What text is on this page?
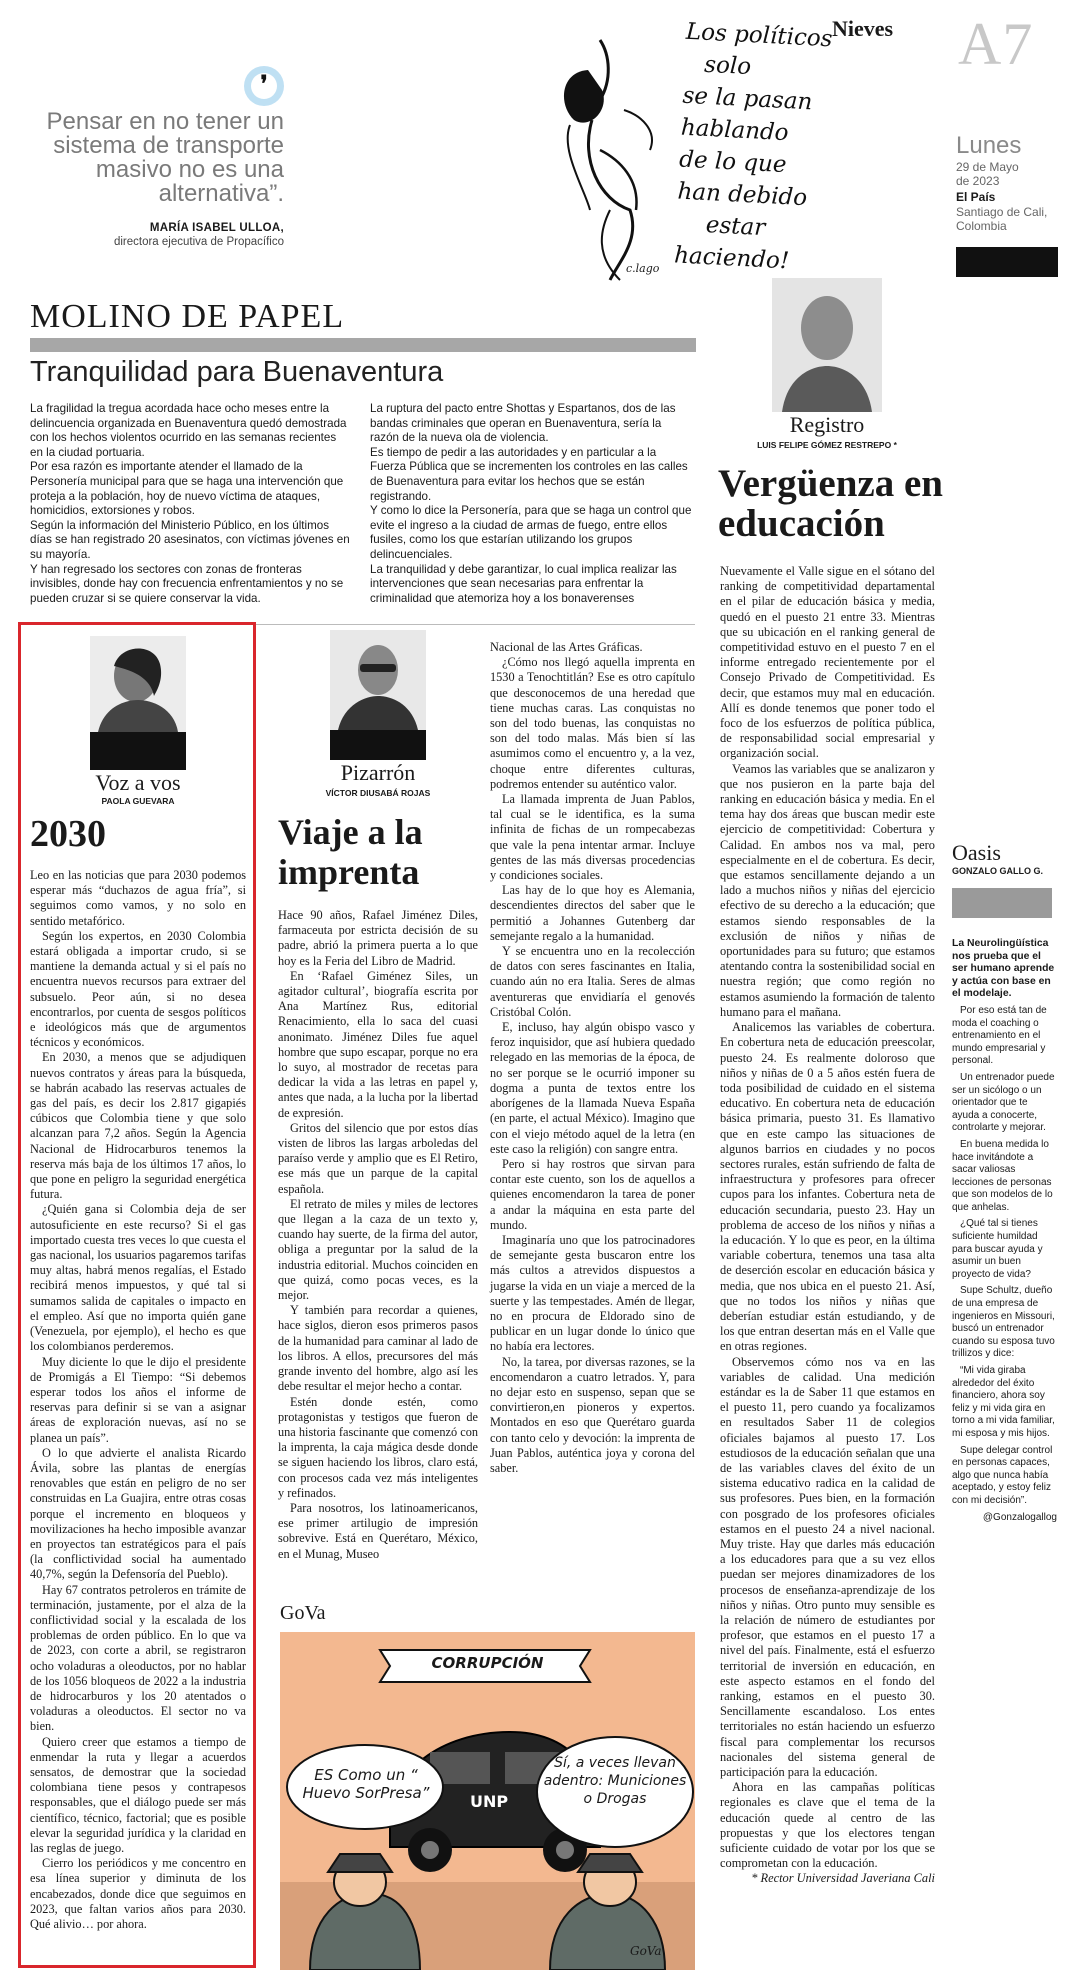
❜
Pensar en no tener un sistema de transporte masivo no es una alternativa”.
MARÍA ISABEL ULLOA,
directora ejecutiva de Propacífico
Los políticos
solo
se la pasan
hablando
de lo que
han debido
estar
haciendo!
c.lago
Nieves A7
Lunes
29 de Mayo
de 2023
El País
Santiago de Cali,
Colombia
MOLINO DE PAPEL
Tranquilidad para Buenaventura

La fragilidad la tregua acordada hace ocho meses entre la delincuencia organizada en Buenaventura quedó demostrada con los hechos violentos ocurrido en las semanas recientes en la ciudad portuaria.

Por esa razón es importante atender el llamado de la Personería municipal para que se haga una intervención que proteja a la población, hoy de nuevo víctima de ataques, homicidios, extorsiones y robos.

Según la información del Ministerio Público, en los últimos días se han registrado 20 asesinatos, con víctimas jóvenes en su mayoría.

Y han regresado los sectores con zonas de fronteras invisibles, donde hay con frecuencia enfrentamientos y no se pueden cruzar si se quiere conservar la vida.

La ruptura del pacto entre Shottas y Espartanos, dos de las bandas criminales que operan en Buenaventura, sería la razón de la nueva ola de violencia.

Es tiempo de pedir a las autoridades y en particular a la Fuerza Pública que se incrementen los controles en las calles de Buenaventura para evitar los hechos que se están registrando.

Y como lo dice la Personería, para que se haga un control que evite el ingreso a la ciudad de armas de fuego, entre ellos fusiles, como los que estarían utilizando los grupos delincuenciales.

La tranquilidad y debe garantizar, lo cual implica realizar las intervenciones que sean necesarias para enfrentar la criminalidad que atemoriza hoy a los bonaverenses

Registro
LUIS FELIPE GÓMEZ RESTREPO *
Vergüenza en educación

Nuevamente el Valle sigue en el sótano del ranking de competitividad departamental en el pilar de educación básica y media, quedó en el puesto 21 entre 33. Mientras que su ubicación en el ranking general de competitividad estuvo en el puesto 7 en el informe entregado recientemente por el Consejo Privado de Competitividad. Es decir, que estamos muy mal en educación. Allí es donde tenemos que poner todo el foco de los esfuerzos de política pública, de responsabilidad social empresarial y organización social.

Veamos las variables que se analizaron y que nos pusieron en la parte baja del ranking en educación básica y media. En el tema hay dos áreas que buscan medir este ejercicio de competitividad: Cobertura y Calidad. En ambos nos va mal, pero especialmente en el de cobertura. Es decir, que estamos sencillamente dejando a un lado a muchos niños y niñas del ejercicio efectivo de su derecho a la educación; que estamos siendo responsables de la exclusión de niños y niñas de oportunidades para su futuro; que estamos atentando contra la sostenibilidad social en nuestra región; que como región no estamos asumiendo la formación de talento humano para el mañana.

Analicemos las variables de cobertura. En cobertura neta de educación preescolar, puesto 24. Es realmente doloroso que niños y niñas de 0 a 5 años estén fuera de toda posibilidad de cuidado en el sistema educativo. En cobertura neta de educación básica primaria, puesto 31. Es llamativo que en este campo las situaciones de algunos barrios en ciudades y no pocos sectores rurales, están sufriendo de falta de infraestructura y profesores para ofrecer cupos para los infantes. Cobertura neta de educación secundaria, puesto 23. Hay un problema de acceso de los niños y niñas a la educación. Y lo que es peor, en la última variable cobertura, tenemos una tasa alta de deserción escolar en educación básica y media, que nos ubica en el puesto 21. Así, que no todos los niños y niñas que deberían estudiar están estudiando, y de los que entran desertan más en el Valle que en otras regiones.

Observemos cómo nos va en las variables de calidad. Una medición estándar es la de Saber 11 que estamos en el puesto 11, pero cuando ya focalizamos en resultados Saber 11 de colegios oficiales bajamos al puesto 17. Los estudiosos de la educación señalan que una de las variables claves del éxito de un sistema educativo radica en la calidad de sus profesores. Pues bien, en la formación con posgrado de los profesores oficiales estamos en el puesto 24 a nivel nacional. Muy triste. Hay que darles más educación a los educadores para que a su vez ellos puedan ser mejores dinamizadores de los procesos de enseñanza-aprendizaje de los niños y niñas. Otro punto muy sensible es la relación de número de estudiantes por profesor, que estamos en el puesto 17 a nivel del país. Finalmente, está el esfuerzo territorial de inversión en educación, en este aspecto estamos en el fondo del ranking, estamos en el puesto 30. Sencillamente escandaloso. Los entes territoriales no están haciendo un esfuerzo fiscal para complementar los recursos nacionales del sistema general de participación para la educación.

Ahora en las campañas políticas regionales es clave que el tema de la educación quede al centro de las propuestas y que los electores tengan suficiente cuidado de votar por los que se comprometan con la educación.

* Rector Universidad Javeriana Cali

Oasis
GONZALO GALLO G.

La Neurolingüística nos prueba que el ser humano aprende y actúa con base en el modelaje.

Por eso está tan de moda el coaching o entrenamiento en el mundo empresarial y personal.

Un entrenador puede ser un sicólogo o un orientador que te ayuda a conocerte, controlarte y mejorar.

En buena medida lo hace invitándote a sacar valiosas lecciones de personas que son modelos de lo que anhelas.

¿Qué tal si tienes suficiente humildad para buscar ayuda y asumir un buen proyecto de vida?

Supe Schultz, dueño de una empresa de ingenieros en Missouri, buscó un entrenador cuando su esposa tuvo trillizos y dice:

“Mi vida giraba alrededor del éxito financiero, ahora soy feliz y mi vida gira en torno a mi vida familiar, mi esposa y mis hijos.

Supe delegar control en personas capaces, algo que nunca había aceptado, y estoy feliz con mi decisión”.

@Gonzalogallog

Voz a vos
PAOLA GUEVARA
2030

Leo en las noticias que para 2030 podemos esperar más “duchazos de agua fría”, si seguimos como vamos, y no solo en sentido metafórico.

Según los expertos, en 2030 Colombia estará obligada a importar crudo, si se mantiene la demanda actual y si el país no encuentra nuevos recursos para extraer del subsuelo. Peor aún, si no desea encontrarlos, por cuenta de sesgos políticos e ideológicos más que de argumentos técnicos y económicos.

En 2030, a menos que se adjudiquen nuevos contratos y áreas para la búsqueda, se habrán acabado las reservas actuales de gas del país, es decir los 2.817 gigapiés cúbicos que Colombia tiene y que solo alcanzan para 7,2 años. Según la Agencia Nacional de Hidrocarburos tenemos la reserva más baja de los últimos 17 años, lo que pone en peligro la seguridad energética futura.

¿Quién gana si Colombia deja de ser autosuficiente en este recurso? Si el gas importado cuesta tres veces lo que cuesta el gas nacional, los usuarios pagaremos tarifas muy altas, habrá menos regalías, el Estado recibirá menos impuestos, y qué tal si sumamos salida de capitales o impacto en el empleo. Así que no importa quién gane (Venezuela, por ejemplo), el hecho es que los colombianos perderemos.

Muy diciente lo que le dijo el presidente de Promigás a El Tiempo: “Si debemos esperar todos los años el informe de reservas para definir si se van a asignar áreas de exploración nuevas, así no se planea un país”.

O lo que advierte el analista Ricardo Ávila, sobre las plantas de energías renovables que están en peligro de no ser construidas en La Guajira, entre otras cosas porque el incremento en bloqueos y movilizaciones ha hecho imposible avanzar en proyectos tan estratégicos para el país (la conflictividad social ha aumentado 40,7%, según la Defensoría del Pueblo).

Hay 67 contratos petroleros en trámite de terminación, justamente, por el alza de la conflictividad social y la escalada de los problemas de orden público. En lo que va de 2023, con corte a abril, se registraron ocho voladuras a oleoductos, por no hablar de los 1056 bloqueos de 2022 a la industria de hidrocarburos y los 20 atentados o voladuras a oleoductos. El sector no va bien.

Quiero creer que estamos a tiempo de enmendar la ruta y llegar a acuerdos sensatos, de demostrar que la sociedad colombiana tiene pesos y contrapesos responsables, que el diálogo puede ser más científico, técnico, factorial; que es posible elevar la seguridad jurídica y la claridad en las reglas de juego.

Cierro los periódicos y me concentro en esa línea superior y diminuta de los encabezados, donde dice que seguimos en 2023, que faltan varios años para 2030. Qué alivio… por ahora.

Pizarrón
VÍCTOR DIUSABÁ ROJAS
Viaje a la imprenta

Hace 90 años, Rafael Jiménez Diles, farmaceuta por estricta decisión de su padre, abrió la primera puerta a lo que hoy es la Feria del Libro de Madrid.

En ‘Rafael Giménez Siles, un agitador cultural’, biografía escrita por Ana Martínez Rus, editorial Renacimiento, ella lo saca del cuasi anonimato. Jiménez Diles fue aquel hombre que supo escapar, porque no era lo suyo, al mostrador de recetas para dedicar la vida a las letras en papel y, antes que nada, a la lucha por la libertad de expresión.

Gritos del silencio que por estos días visten de libros las largas arboledas del paraíso verde y amplio que es El Retiro, ese más que un parque de la capital española.

El retrato de miles y miles de lectores que llegan a la caza de un texto y, cuando hay suerte, de la firma del autor, obliga a preguntar por la salud de la industria editorial. Muchos coinciden en que quizá, como pocas veces, es la mejor.

Y también para recordar a quienes, hace siglos, dieron esos primeros pasos de la humanidad para caminar al lado de los libros. A ellos, precursores del más grande invento del hombre, algo así les debe resultar el mejor hecho a contar.

Estén donde estén, como protagonistas y testigos que fueron de una historia fascinante que comenzó con la imprenta, la caja mágica desde donde se siguen haciendo los libros, claro está, con procesos cada vez más inteligentes y refinados.

Para nosotros, los latinoamericanos, ese primer artilugio de impresión sobrevive. Está en Querétaro, México, en el Munag, Museo

Nacional de las Artes Gráficas.

¿Cómo nos llegó aquella imprenta en 1530 a Tenochtitlán? Ese es otro capítulo que desconocemos de una heredad que tiene muchas caras. Las conquistas no son del todo buenas, las conquistas no son del todo malas. Más bien sí las asumimos como el encuentro y, a la vez, choque entre diferentes culturas, podremos entender su auténtico valor.

La llamada imprenta de Juan Pablos, tal cual se le identifica, es la suma infinita de fichas de un rompecabezas que vale la pena intentar armar. Incluye gentes de las más diversas procedencias y condiciones sociales.

Las hay de lo que hoy es Alemania, descendientes directos del saber que le permitió a Johannes Gutenberg dar semejante regalo a la humanidad.

Y se encuentra uno en la recolección de datos con seres fascinantes en Italia, cuando aún no era Italia. Seres de almas aventureras que envidiaría el genovés Cristóbal Colón.

E, incluso, hay algún obispo vasco y feroz inquisidor, que así hubiera quedado relegado en las memorias de la época, de no ser porque se le ocurrió imponer su dogma a punta de textos entre los aborígenes de la llamada Nueva España (en parte, el actual México). Imagino que con el viejo método aquel de la letra (en este caso la religión) con sangre entra.

Pero si hay rostros que sirvan para contar este cuento, son los de aquellos a quienes encomendaron la tarea de poner a andar la máquina en esta parte del mundo.

Imaginaría uno que los patrocinadores de semejante gesta buscaron entre los más cultos a atrevidos dispuestos a jugarse la vida en un viaje a merced de la suerte y las tempestades. Amén de llegar, no en procura de Eldorado sino de publicar en un lugar donde lo único que no había era lectores.

No, la tarea, por diversas razones, se la encomendaron a cuatro letrados. Y, para no dejar esto en suspenso, sepan que se convirtieron,en pioneros y expertos. Montados en eso que Querétaro guarda con tanto celo y devoción: la imprenta de Juan Pablos, auténtica joya y corona del saber.

GoVa
CORRUPCIÓN
UNP
ES Como un “ Huevo SorPresa”
Sí, a veces llevan adentro: Municiones o Drogas
GoVa
